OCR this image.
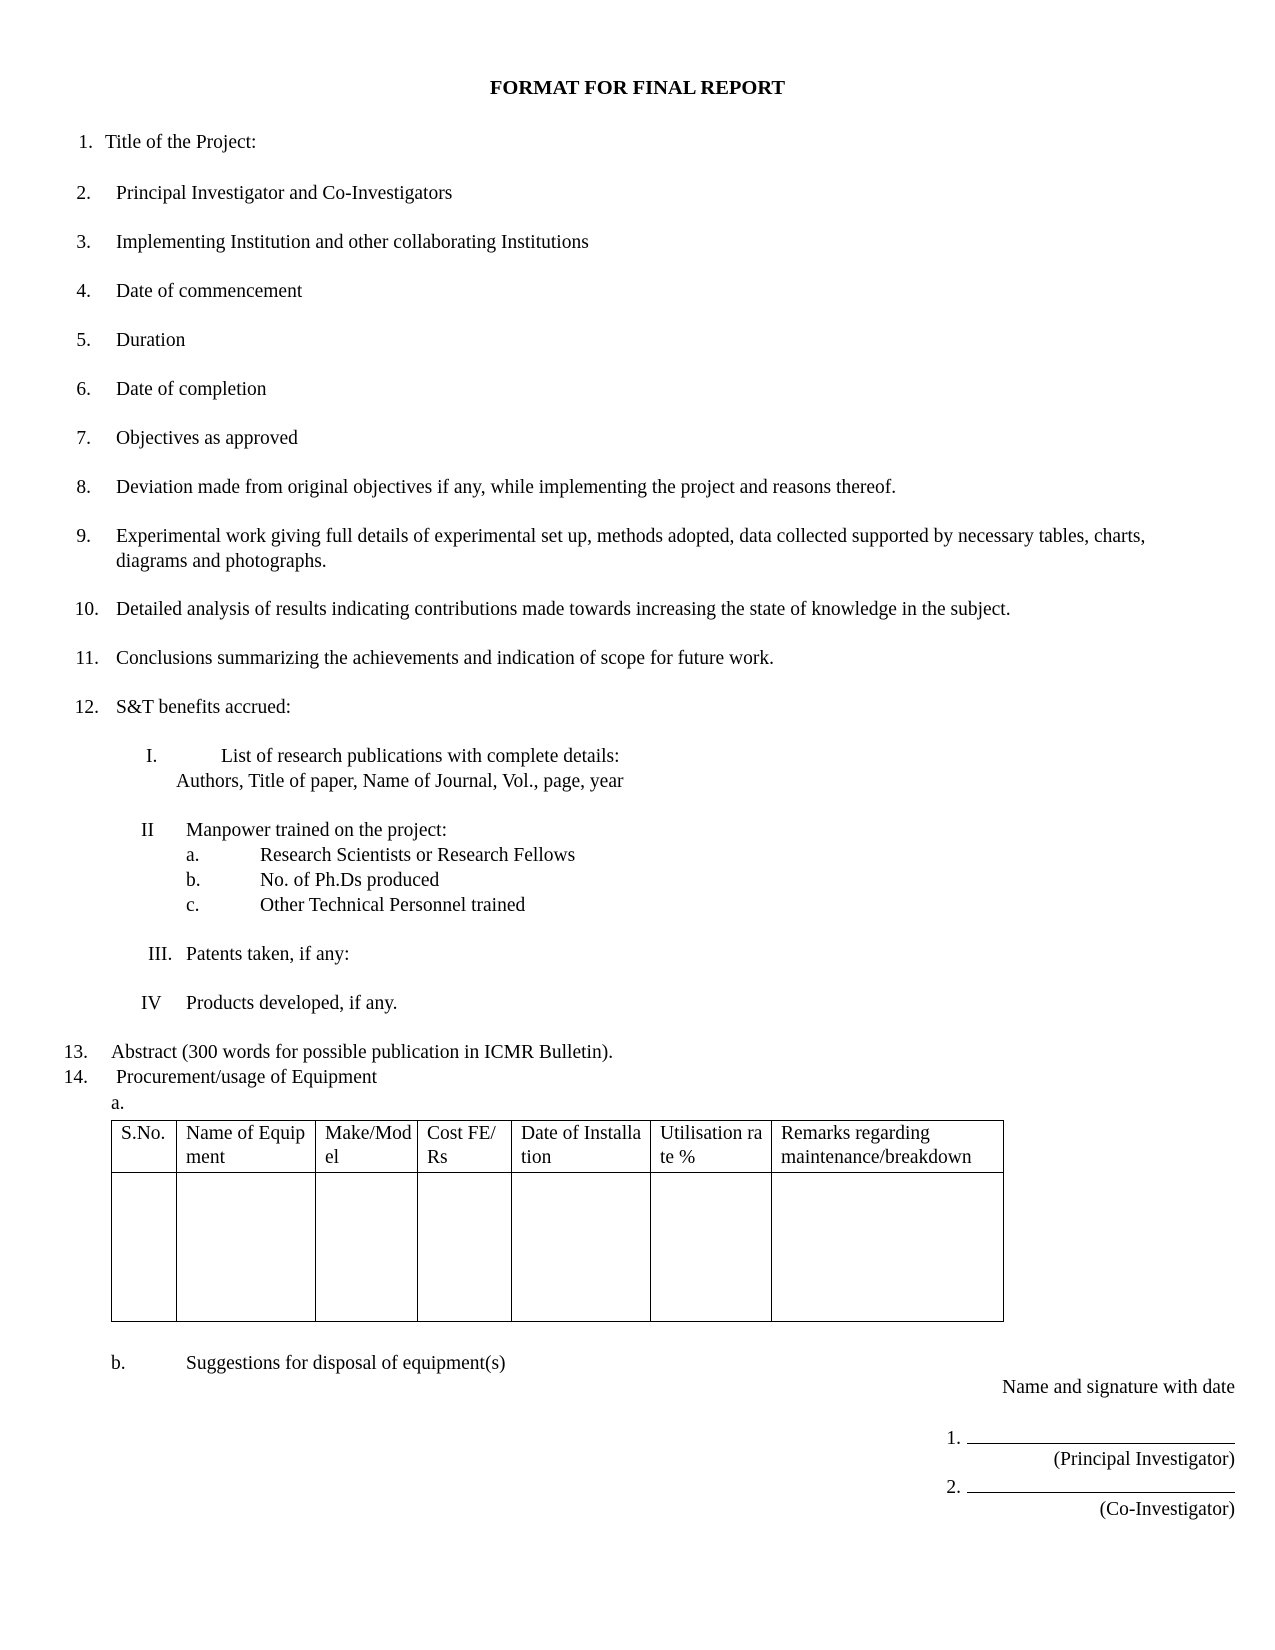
FORMAT FOR FINAL REPORT
1. Title of the Project:
2. Principal Investigator and Co-Investigators
3. Implementing Institution and other collaborating Institutions
4. Date of commencement
5. Duration
6. Date of completion
7. Objectives as approved
8. Deviation made from original objectives if any, while implementing the project and reasons thereof.
9. Experimental work giving full details of experimental set up, methods adopted, data collected supported by necessary tables, charts, diagrams and photographs.
10. Detailed analysis of results indicating contributions made towards increasing the state of knowledge in the subject.
11. Conclusions summarizing the achievements and indication of scope for future work.
12. S&T benefits accrued:
I.	List of research publications with complete details:
Authors, Title of paper, Name of Journal, Vol., page, year
II Manpower trained on the project:
a.	Research Scientists or Research Fellows
b.	No. of Ph.Ds produced
c.	Other Technical Personnel trained
III. Patents taken, if any:
IV Products developed, if any.
13. Abstract (300 words for possible publication in ICMR Bulletin).
14. Procurement/usage of Equipment
a.
S.No.	Name of Equipment	Make/Model	Cost FE/Rs	Date of Installation	Utilisation rate %	Remarks regarding maintenance/breakdown

b.	Suggestions for disposal of equipment(s)
Name and signature with date
1.
(Principal Investigator)
2.
(Co-Investigator)
